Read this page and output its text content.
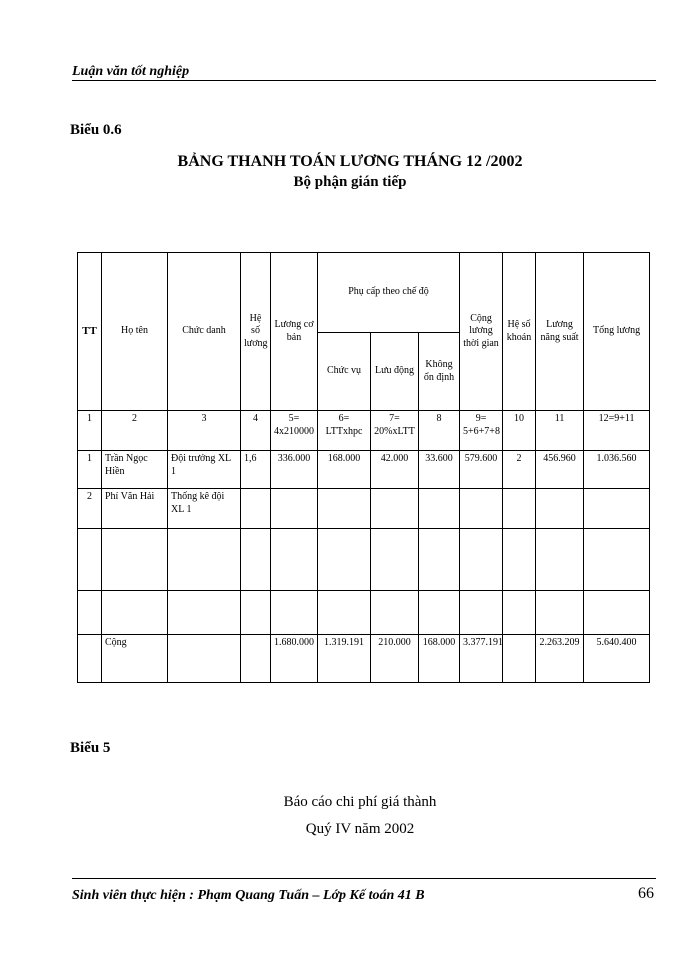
Luận văn tốt nghiệp
Biểu 0.6
BẢNG THANH TOÁN LƯƠNG THÁNG 12 /2002
Bộ phận gián tiếp
TT	Họ tên	Chức danh	Hệ số lương	Lương cơ bản	Phụ cấp theo chế độ			Cộng lương thời gian	Hệ số khoán	Lương năng suất	Tổng lương
					Chức vụ	Lưu động	Không ổn định				
1	2	3	4	5= 4x210000	6= LTTxhpc	7= 20%xLTT	8	9= 5+6+7+8	10	11	12=9+11
1	Trần Ngọc Hiền	Đội trưởng XL 1	1,6	336.000	168.000	42.000	33.600	579.600	2	456.960	1.036.560
2	Phí Văn Hải	Thống kê đội XL 1									

	Cộng			1.680.000	1.319.191	210.000	168.000	3.377.191		2.263.209	5.640.400
Biểu 5
Báo cáo chi phí giá thành
Quý IV năm 2002
Sinh viên thực hiện : Phạm Quang Tuấn – Lớp Kế toán 41 B	66
